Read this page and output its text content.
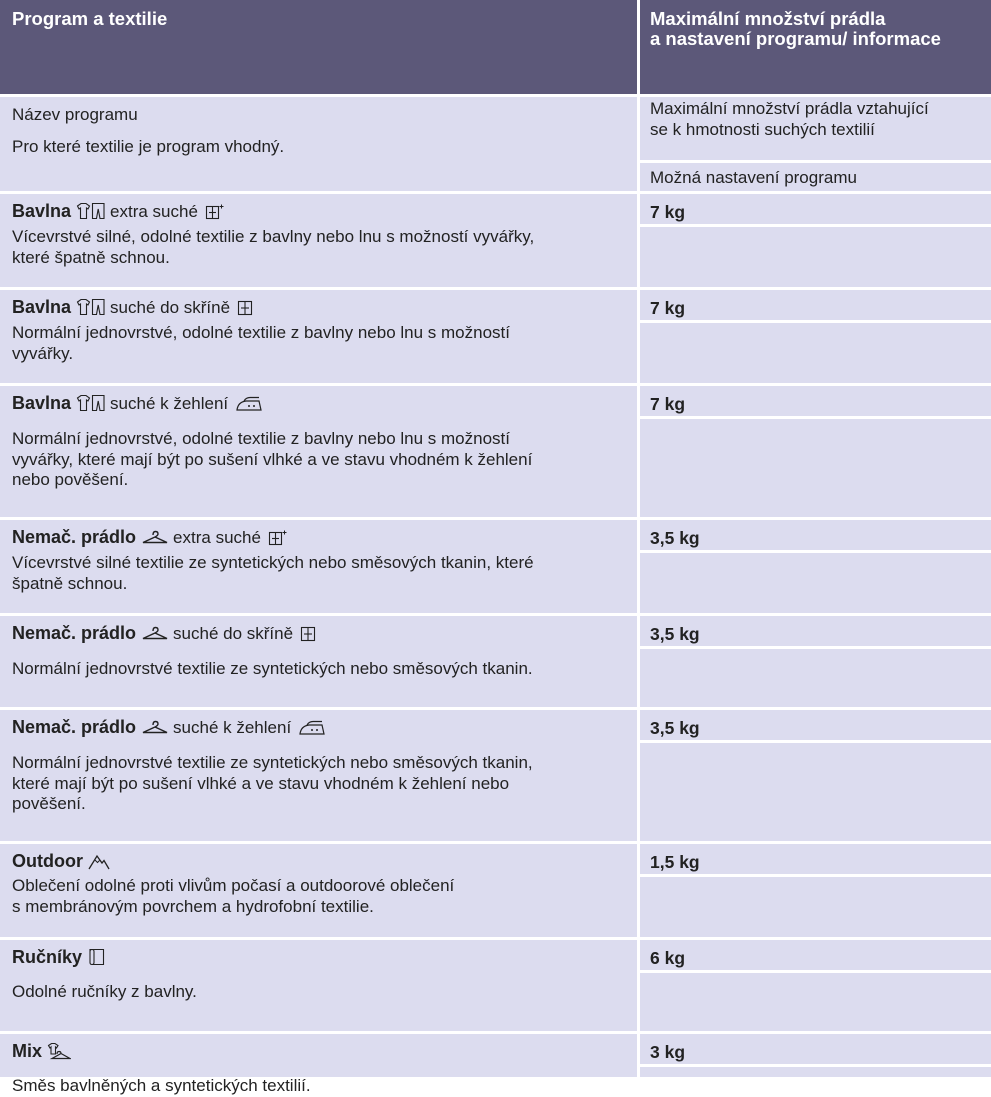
Program a textilie	Maximální množství prádla
a nastavení programu/ informace
Název programu
Pro které textilie je program vhodný.
Maximální množství prádla vztahující
se k hmotnosti suchých textilií
Možná nastavení programu
Bavlna extra suché
Vícevrstvé silné, odolné textilie z bavlny nebo lnu s možností vyvářky,
které špatně schnou.
7 kg
Bavlna suché do skříně
Normální jednovrstvé, odolné textilie z bavlny nebo lnu s možností
vyvářky.
7 kg
Bavlna suché k žehlení
Normální jednovrstvé, odolné textilie z bavlny nebo lnu s možností
vyvářky, které mají být po sušení vlhké a ve stavu vhodném k žehlení
nebo pověšení.
7 kg
Nemač. prádlo extra suché
Vícevrstvé silné textilie ze syntetických nebo směsových tkanin, které
špatně schnou.
3,5 kg
Nemač. prádlo suché do skříně
Normální jednovrstvé textilie ze syntetických nebo směsových tkanin.
3,5 kg
Nemač. prádlo suché k žehlení
Normální jednovrstvé textilie ze syntetických nebo směsových tkanin,
které mají být po sušení vlhké a ve stavu vhodném k žehlení nebo
pověšení.
3,5 kg
Outdoor
Oblečení odolné proti vlivům počasí a outdoorové oblečení
s membránovým povrchem a hydrofobní textilie.
1,5 kg
Ručníky
Odolné ručníky z bavlny.
6 kg
Mix
Směs bavlněných a syntetických textilií.
3 kg
